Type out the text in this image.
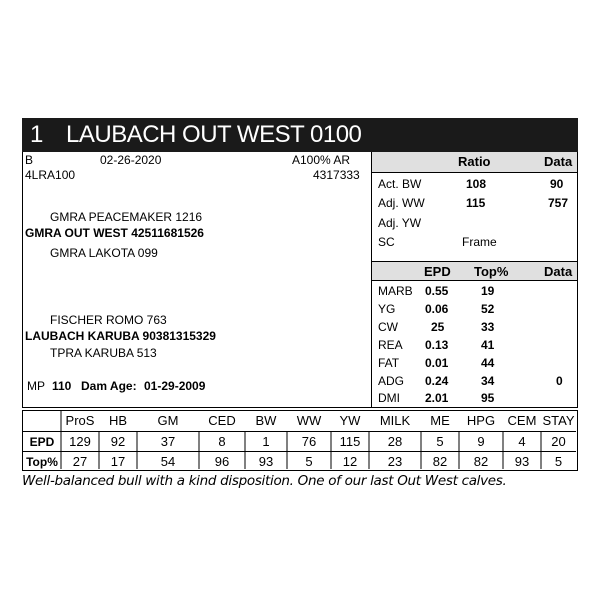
1 LAUBACH OUT WEST 0100
B	02-26-2020	A100% AR
4LRA100	4317333
GMRA PEACEMAKER 1216
GMRA OUT WEST 42511681526
GMRA LAKOTA 099
FISCHER ROMO 763
LAUBACH KARUBA 90381315329
TPRA KARUBA 513
MP 110 Dam Age: 01-29-2009
Ratio	Data
Act. BW	108	90
Adj. WW	115	757
Adj. YW
SC	Frame
EPD Top%	Data
MARB 0.55	19
YG 0.06	52
CW	25	33
REA 0.13	41
FAT 0.01	44
ADG 0.24	34	0
DMI 2.01	95
ProS	HB	GM	CED	BW	WW	YW	MILK	ME	HPG CEM STAY
EPD	129	92	37	8	1	76	115	28	5	9	4	20
Top%	27	17	54	96	93	5	12	23	82	82	93	5
Well-balanced bull with a kind disposition. One of our last Out West calves.
